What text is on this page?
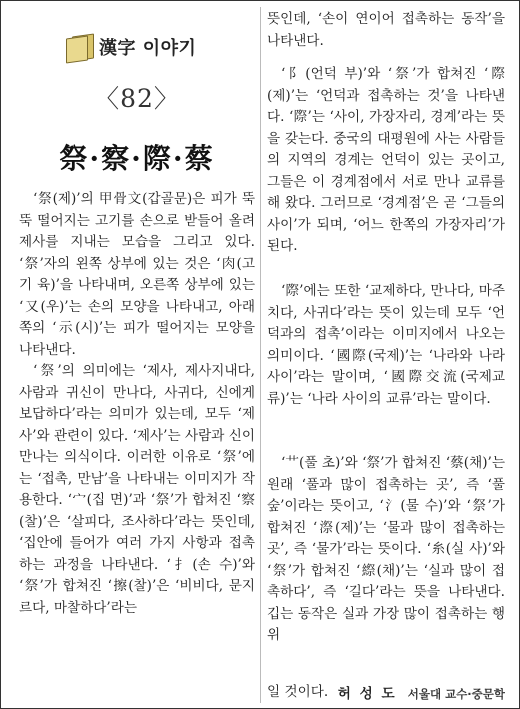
漢字 이야기
〈82〉
祭·察·際·蔡

‘祭(제)’의 甲骨文(갑골문)은 피가 뚝뚝 떨어지는 고기를 손으로 받들어 올려 제사를 지내는 모습을 그리고 있다. ‘祭’자의 왼쪽 상부에 있는 것은 ‘肉(고기 육)’을 나타내며, 오른쪽 상부에 있는 ‘又(우)’는 손의 모양을 나타내고, 아래쪽의 ‘示(시)’는 피가 떨어지는 모양을 나타낸다.

‘祭’의 의미에는 ‘제사, 제사지내다, 사람과 귀신이 만나다, 사귀다, 신에게 보답하다’라는 의미가 있는데, 모두 ‘제사’와 관련이 있다. ‘제사’는 사람과 신이 만나는 의식이다. 이러한 이유로 ‘祭’에는 ‘접촉, 만남’을 나타내는 이미지가 작용한다. ‘宀(집 면)’과 ‘祭’가 합쳐진 ‘察(찰)’은 ‘살피다, 조사하다’라는 뜻인데, ‘집안에 들어가 여러 가지 사항과 접촉하는 과정을 나타낸다. ‘扌(손 수)’와 ‘祭’가 합쳐진 ‘擦(찰)’은 ‘비비다, 문지르다, 마찰하다’라는

뜻인데, ‘손이 연이어 접촉하는 동작’을 나타낸다.

‘阝(언덕 부)’와 ‘祭’가 합쳐진 ‘際(제)’는 ‘언덕과 접촉하는 것’을 나타낸다. ‘際’는 ‘사이, 가장자리, 경계’라는 뜻을 갖는다. 중국의 대평원에 사는 사람들의 지역의 경계는 언덕이 있는 곳이고, 그들은 이 경계점에서 서로 만나 교류를 해 왔다. 그러므로 ‘경계점’은 곧 ‘그들의 사이’가 되며, ‘어느 한쪽의 가장자리’가 된다.

‘際’에는 또한 ‘교제하다, 만나다, 마주치다, 사귀다’라는 뜻이 있는데 모두 ‘언덕과의 접촉’이라는 이미지에서 나오는 의미이다. ‘國際(국제)’는 ‘나라와 나라 사이’라는 말이며, ‘國際交流(국제교류)’는 ‘나라 사이의 교류’라는 말이다.

‘艹(풀 초)’와 ‘祭’가 합쳐진 ‘蔡(채)’는 원래 ‘풀과 많이 접촉하는 곳’, 즉 ‘풀 숲’이라는 뜻이고, ‘氵(물 수)’와 ‘祭’가 합쳐진 ‘漈(제)’는 ‘물과 많이 접촉하는 곳’, 즉 ‘물가’라는 뜻이다. ‘糸(실 사)’와 ‘祭’가 합쳐진 ‘縩(채)’는 ‘실과 많이 접촉하다’, 즉 ‘길다’라는 뜻을 나타낸다. 깁는 동작은 실과 가장 많이 접촉하는 행위

일 것이다. 허 성 도 서울대 교수·중문학
